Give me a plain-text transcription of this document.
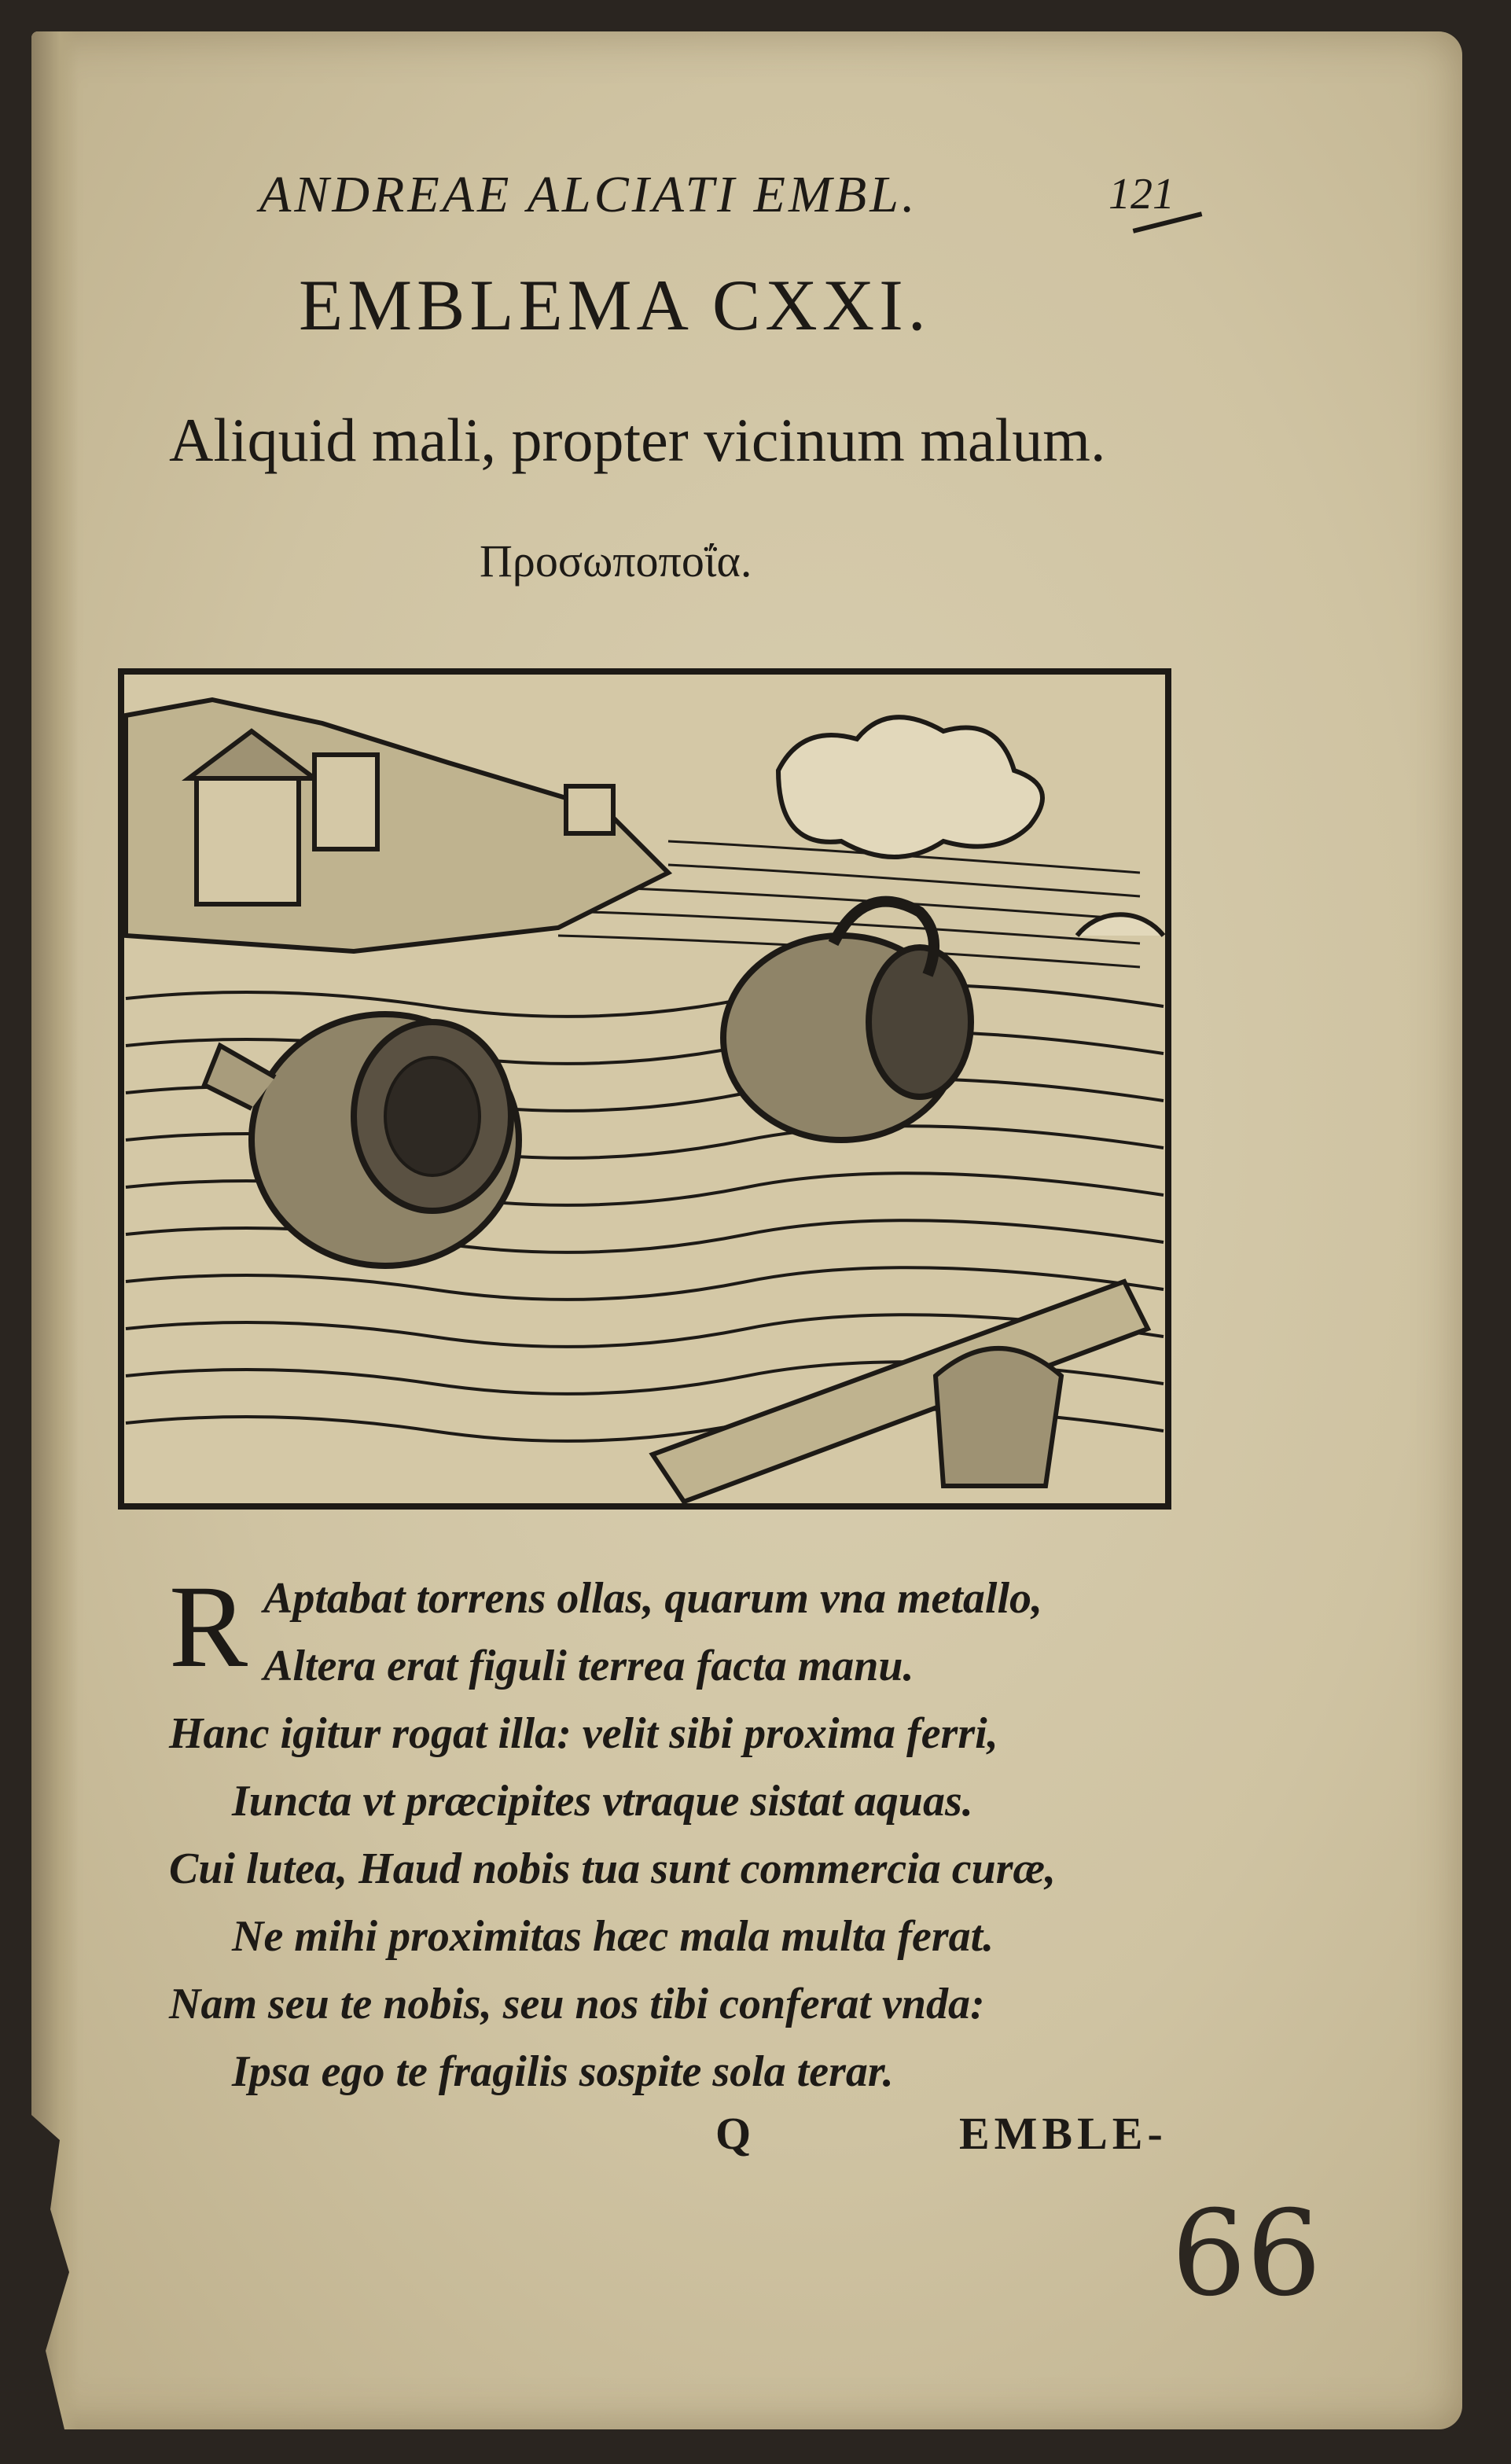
ANDREAE ALCIATI EMBL.	121
EMBLEMA CXXI.
Aliquid mali, propter vicinum malum.
Προσωποποΐα.
R Aptabat torrens ollas, quarum vna metallo,
Altera erat figuli terrea facta manu.
Hanc igitur rogat illa: velit sibi proxima ferri,
Iuncta vt præcipites vtraque sistat aquas.
Cui lutea, Haud nobis tua sunt commercia curæ,
Ne mihi proximitas hæc mala multa ferat.
Nam seu te nobis, seu nos tibi conferat vnda:
Ipsa ego te fragilis sospite sola terar.
Q	EMBLE-
66
